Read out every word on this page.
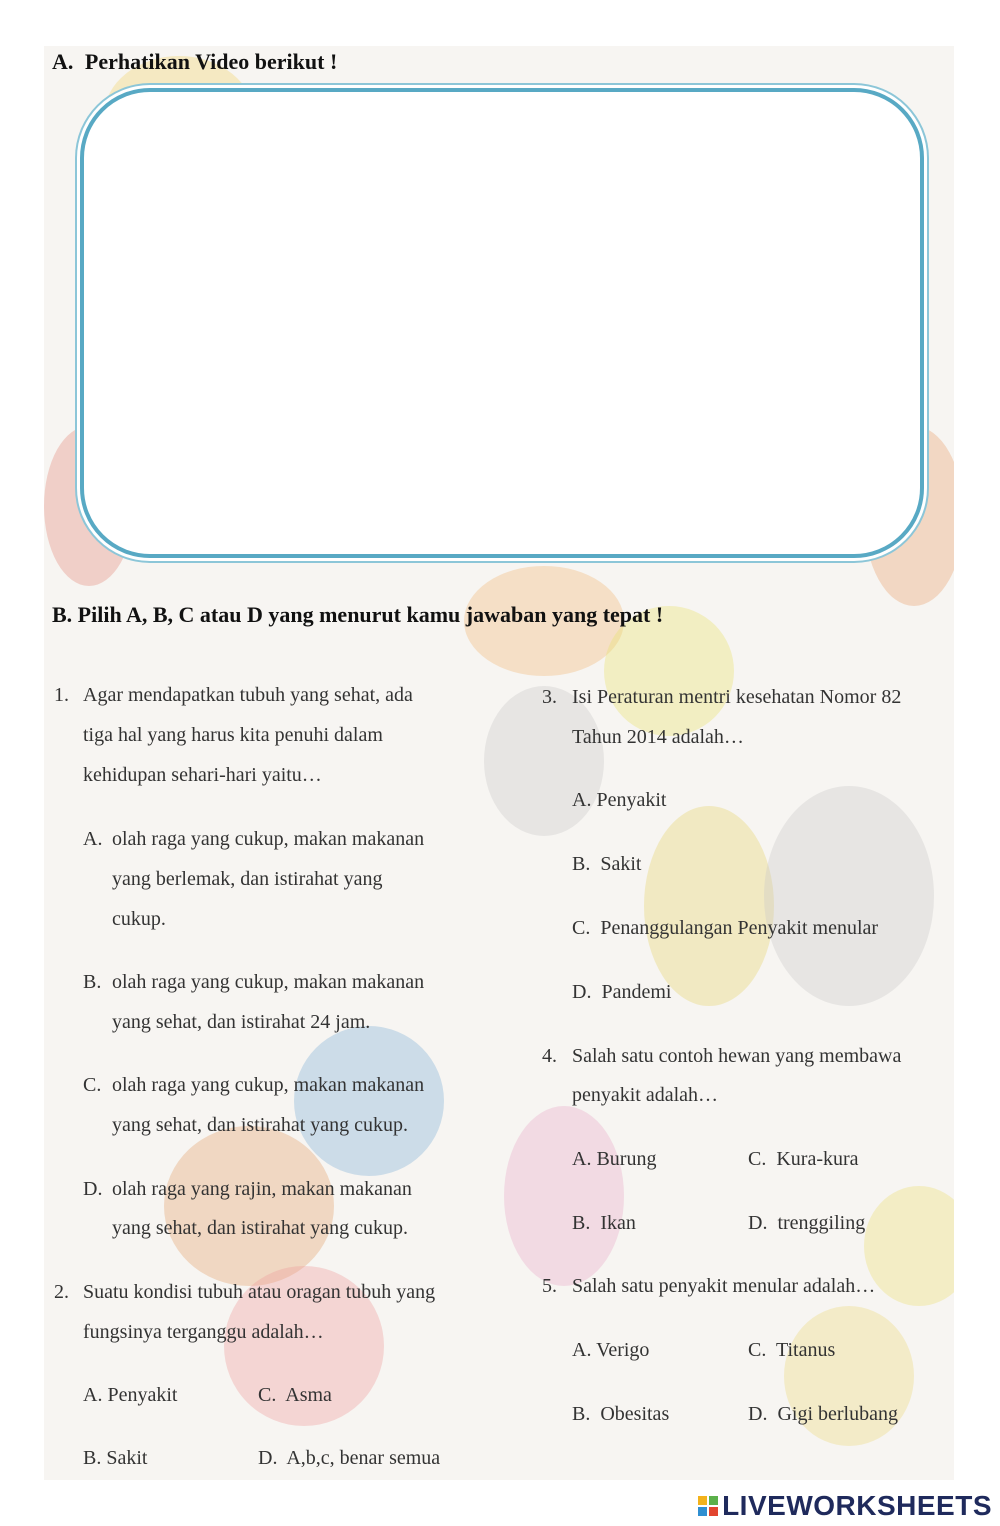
A. Perhatikan Video berikut !
B. Pilih A, B, C atau D yang menurut kamu jawaban yang tepat !
1. Agar mendapatkan tubuh yang sehat, ada
tiga hal yang harus kita penuhi dalam
kehidupan sehari-hari yaitu…
A. olah raga yang cukup, makan makanan
yang berlemak, dan istirahat yang
cukup.
B. olah raga yang cukup, makan makanan
yang sehat, dan istirahat 24 jam.
C. olah raga yang cukup, makan makanan
yang sehat, dan istirahat yang cukup.
D. olah raga yang rajin, makan makanan
yang sehat, dan istirahat yang cukup.
2. Suatu kondisi tubuh atau oragan tubuh yang
fungsinya terganggu adalah…
A. Penyakit	C. Asma
B. Sakit	D. A,b,c, benar semua
3. Isi Peraturan mentri kesehatan Nomor 82
Tahun 2014 adalah…
A. Penyakit
B. Sakit
C. Penanggulangan Penyakit menular
D. Pandemi
4. Salah satu contoh hewan yang membawa
penyakit adalah…
A. Burung	C. Kura-kura
B. Ikan	D. trenggiling
5. Salah satu penyakit menular adalah…
A. Verigo	C. Titanus
B. Obesitas	D. Gigi berlubang
LIVEWORKSHEETS
